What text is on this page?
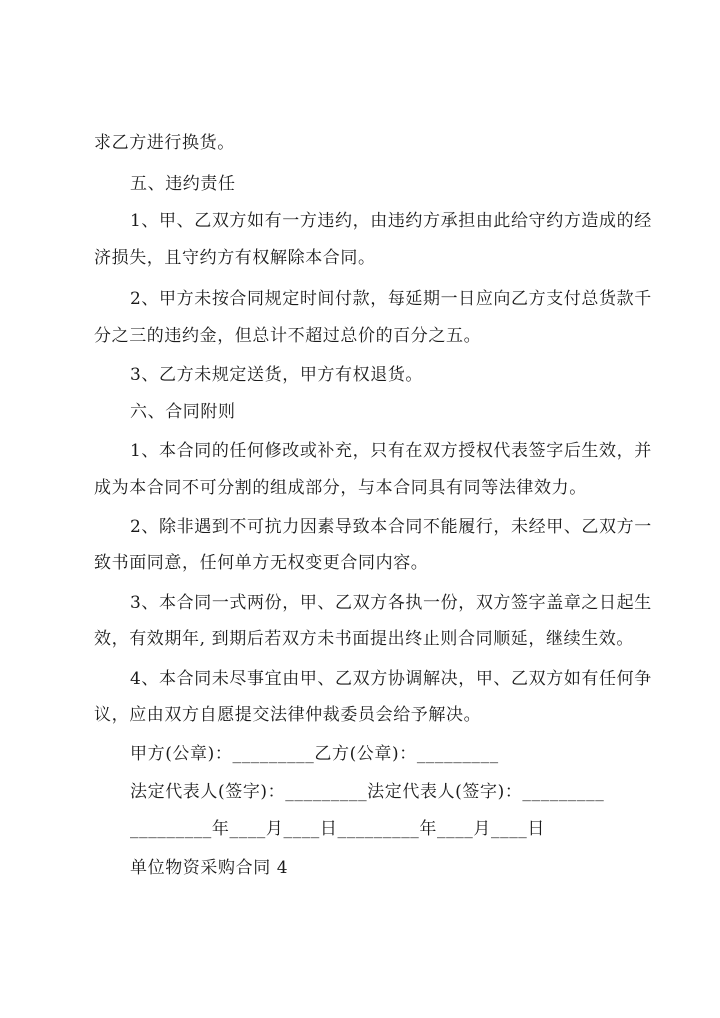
求乙方进行换货。
五、违约责任
1、甲、乙双方如有一方违约，由违约方承担由此给守约方造成的经
济损失，且守约方有权解除本合同。
2、甲方未按合同规定时间付款，每延期一日应向乙方支付总货款千
分之三的违约金，但总计不超过总价的百分之五。
3、乙方未规定送货，甲方有权退货。
六、合同附则
1、本合同的任何修改或补充，只有在双方授权代表签字后生效，并
成为本合同不可分割的组成部分，与本合同具有同等法律效力。
2、除非遇到不可抗力因素导致本合同不能履行，未经甲、乙双方一
致书面同意，任何单方无权变更合同内容。
3、本合同一式两份，甲、乙双方各执一份，双方签字盖章之日起生
效，有效期年, 到期后若双方未书面提出终止则合同顺延，继续生效。
4、本合同未尽事宜由甲、乙双方协调解决，甲、乙双方如有任何争
议，应由双方自愿提交法律仲裁委员会给予解决。
甲方(公章)：_________乙方(公章)：_________
法定代表人(签字)：_________法定代表人(签字)：_________
_________年____月____日_________年____月____日
单位物资采购合同 4
